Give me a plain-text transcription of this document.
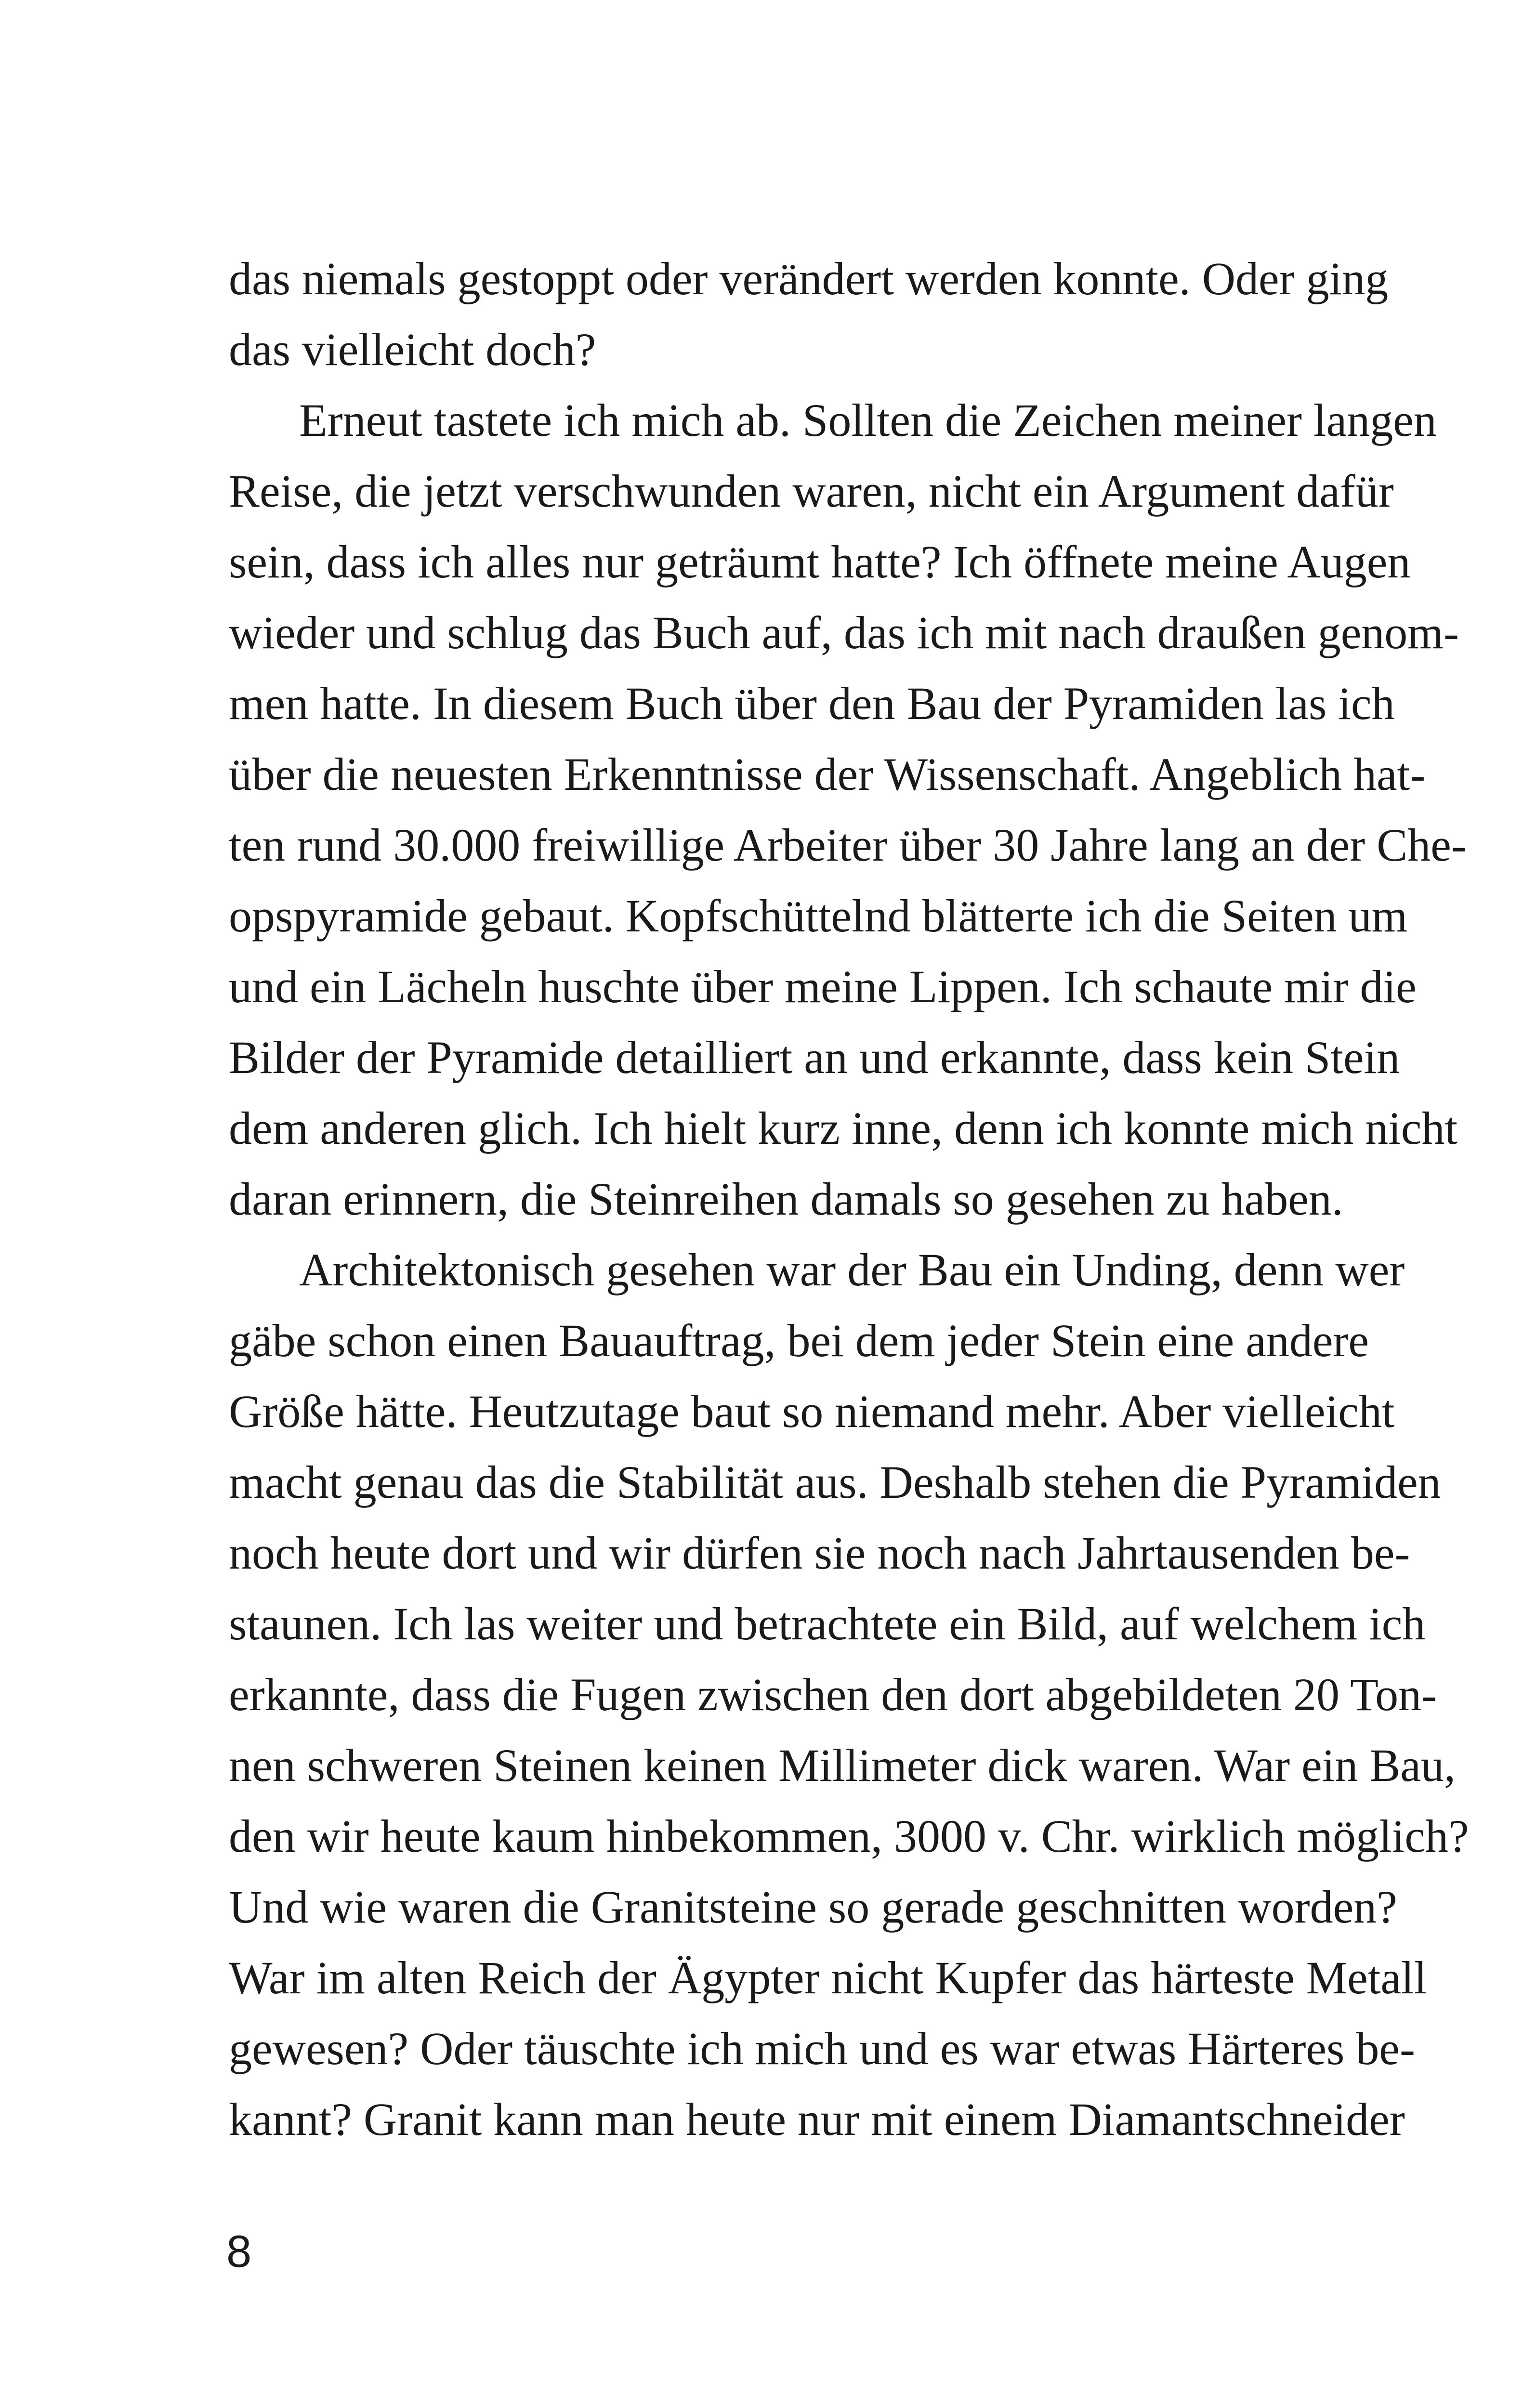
das niemals gestoppt oder verändert werden konnte. Oder ging
das vielleicht doch?
Erneut tastete ich mich ab. Sollten die Zeichen meiner langen
Reise, die jetzt verschwunden waren, nicht ein Argument dafür
sein, dass ich alles nur geträumt hatte? Ich öffnete meine Augen
wieder und schlug das Buch auf, das ich mit nach draußen genom-
men hatte. In diesem Buch über den Bau der Pyramiden las ich
über die neuesten Erkenntnisse der Wissenschaft. Angeblich hat-
ten rund 30.000 freiwillige Arbeiter über 30 Jahre lang an der Che-
opspyramide gebaut. Kopfschüttelnd blätterte ich die Seiten um
und ein Lächeln huschte über meine Lippen. Ich schaute mir die
Bilder der Pyramide detailliert an und erkannte, dass kein Stein
dem anderen glich. Ich hielt kurz inne, denn ich konnte mich nicht
daran erinnern, die Steinreihen damals so gesehen zu haben.
Architektonisch gesehen war der Bau ein Unding, denn wer
gäbe schon einen Bauauftrag, bei dem jeder Stein eine andere
Größe hätte. Heutzutage baut so niemand mehr. Aber vielleicht
macht genau das die Stabilität aus. Deshalb stehen die Pyramiden
noch heute dort und wir dürfen sie noch nach Jahrtausenden be-
staunen. Ich las weiter und betrachtete ein Bild, auf welchem ich
erkannte, dass die Fugen zwischen den dort abgebildeten 20 Ton-
nen schweren Steinen keinen Millimeter dick waren. War ein Bau,
den wir heute kaum hinbekommen, 3000 v. Chr. wirklich möglich?
Und wie waren die Granitsteine so gerade geschnitten worden?
War im alten Reich der Ägypter nicht Kupfer das härteste Metall
gewesen? Oder täuschte ich mich und es war etwas Härteres be-
kannt? Granit kann man heute nur mit einem Diamantschneider
8
